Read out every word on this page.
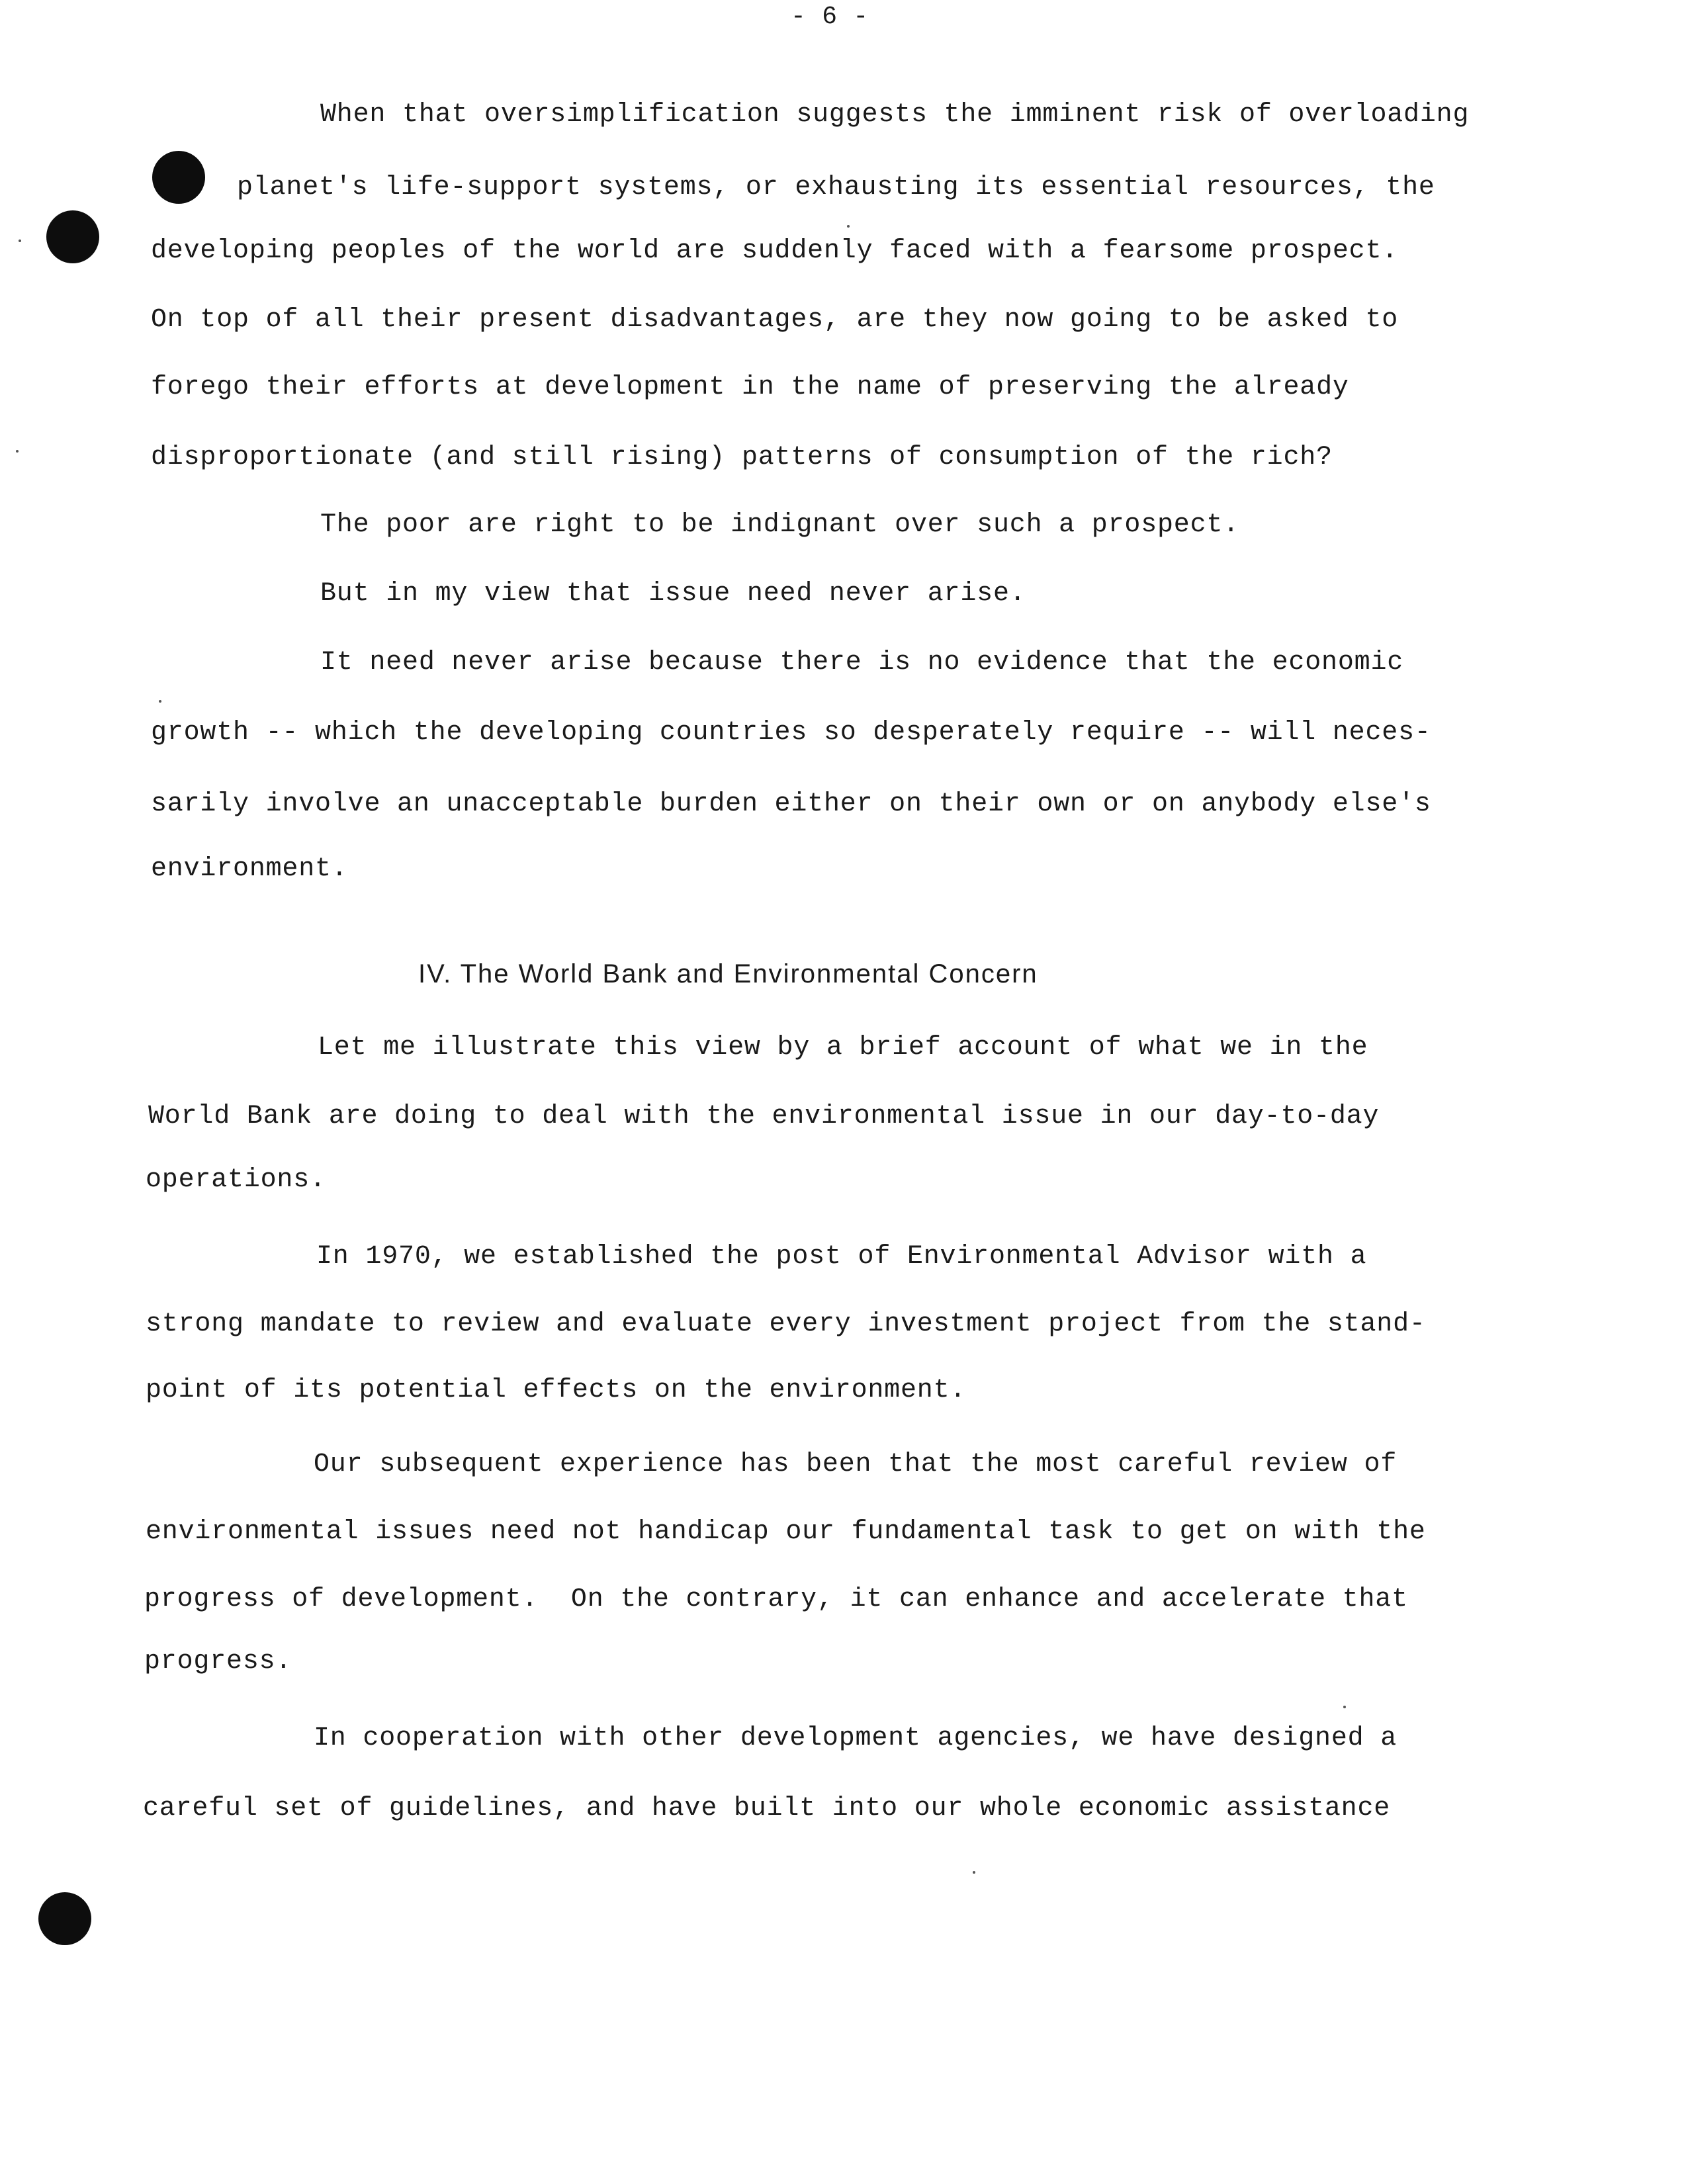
- 6 -
When that oversimplification suggests the imminent risk of overloading
planet's life-support systems, or exhausting its essential resources, the
developing peoples of the world are suddenly faced with a fearsome prospect.
On top of all their present disadvantages, are they now going to be asked to
forego their efforts at development in the name of preserving the already
disproportionate (and still rising) patterns of consumption of the rich?
The poor are right to be indignant over such a prospect.
But in my view that issue need never arise.
It need never arise because there is no evidence that the economic
growth -- which the developing countries so desperately require -- will neces-
sarily involve an unacceptable burden either on their own or on anybody else's
environment.
IV. The World Bank and Environmental Concern
Let me illustrate this view by a brief account of what we in the
World Bank are doing to deal with the environmental issue in our day-to-day
operations.
In 1970, we established the post of Environmental Advisor with a
strong mandate to review and evaluate every investment project from the stand-
point of its potential effects on the environment.
Our subsequent experience has been that the most careful review of
environmental issues need not handicap our fundamental task to get on with the
progress of development.  On the contrary, it can enhance and accelerate that
progress.
In cooperation with other development agencies, we have designed a
careful set of guidelines, and have built into our whole economic assistance
